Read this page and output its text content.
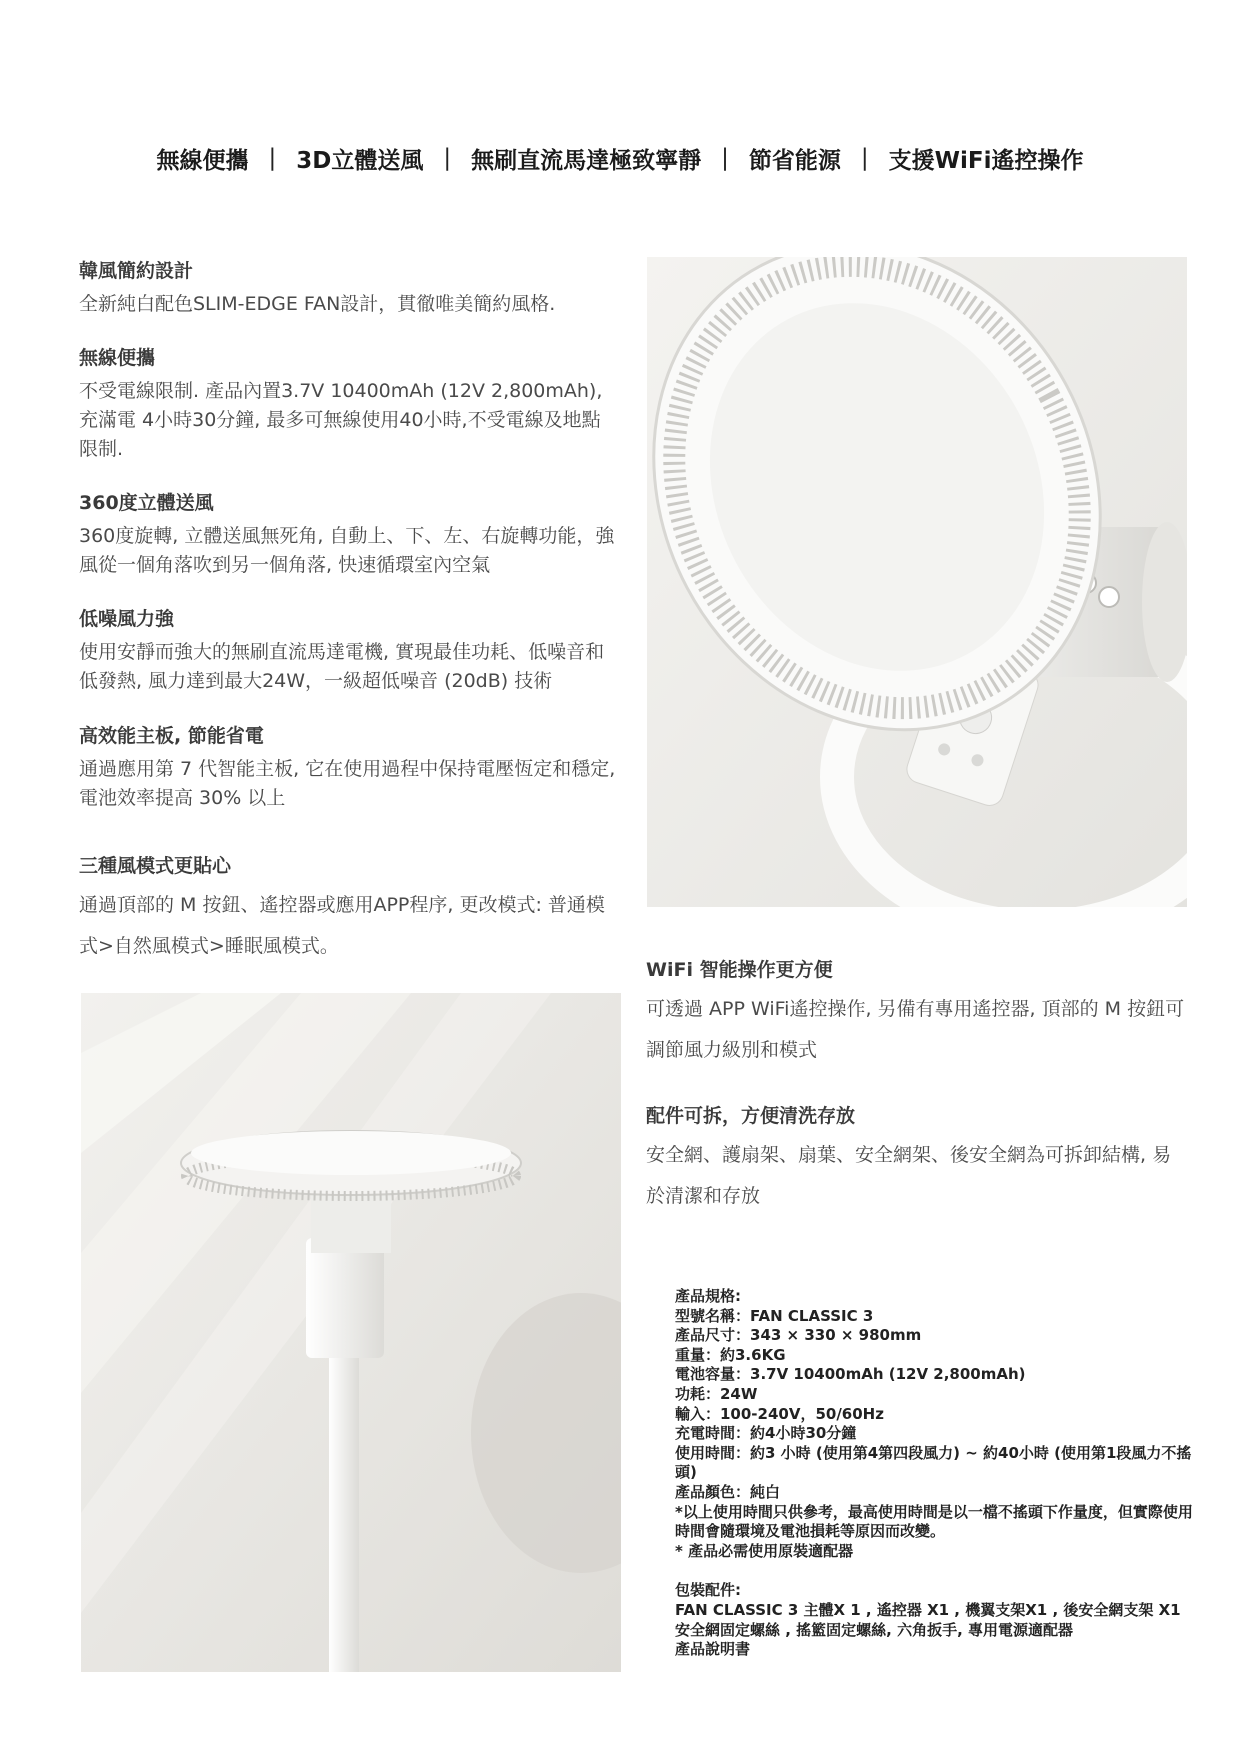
無線便攜 | 3D立體送風 | 無刷直流馬達極致寧靜 | 節省能源 | 支援WiFi遙控操作
韓風簡約設計

全新純白配色SLIM-EDGE FAN設計，貫徹唯美簡約風格.

無線便攜

不受電線限制. 產品內置3.7V 10400mAh (12V 2,800mAh), 充滿電 4小時30分鐘, 最多可無線使用40小時,不受電線及地點限制.

360度立體送風

360度旋轉, 立體送風無死角, 自動上、下、左、右旋轉功能，強風從一個角落吹到另一個角落, 快速循環室內空氣

低噪風力強

使用安靜而強大的無刷直流馬達電機, 實現最佳功耗、低噪音和低發熱, 風力達到最大24W，一級超低噪音 (20dB) 技術

高效能主板, 節能省電

通過應用第 7 代智能主板, 它在使用過程中保持電壓恆定和穩定, 電池效率提高 30% 以上

三種風模式更貼心

通過頂部的 M 按鈕、遙控器或應用APP程序, 更改模式: 普通模式>自然風模式>睡眠風模式。

WiFi 智能操作更方便

可透過 APP WiFi遙控操作, 另備有專用遙控器, 頂部的 M 按鈕可調節風力級別和模式

配件可拆，方便清洗存放

安全網、護扇架、扇葉、安全網架、後安全網為可拆卸結構, 易於清潔和存放

產品規格:
型號名稱：FAN CLASSIC 3
產品尺寸：343 × 330 × 980mm
重量：約3.6KG
電池容量：3.7V 10400mAh (12V 2,800mAh)
功耗：24W
輸入：100-240V，50/60Hz
充電時間：約4小時30分鐘
使用時間：約3 小時 (使用第4第四段風力) ~ 約40小時 (使用第1段風力不搖頭)
產品顏色：純白
*以上使用時間只供參考，最高使用時間是以一檔不搖頭下作量度，但實際使用時間會隨環境及電池損耗等原因而改變。
* 產品必需使用原裝適配器
包裝配件:
FAN CLASSIC 3 主體X 1 , 遙控器 X1 , 機翼支架X1 , 後安全網支架 X1
安全網固定螺絲 , 搖籃固定螺絲, 六角扳手, 專用電源適配器
產品說明書
